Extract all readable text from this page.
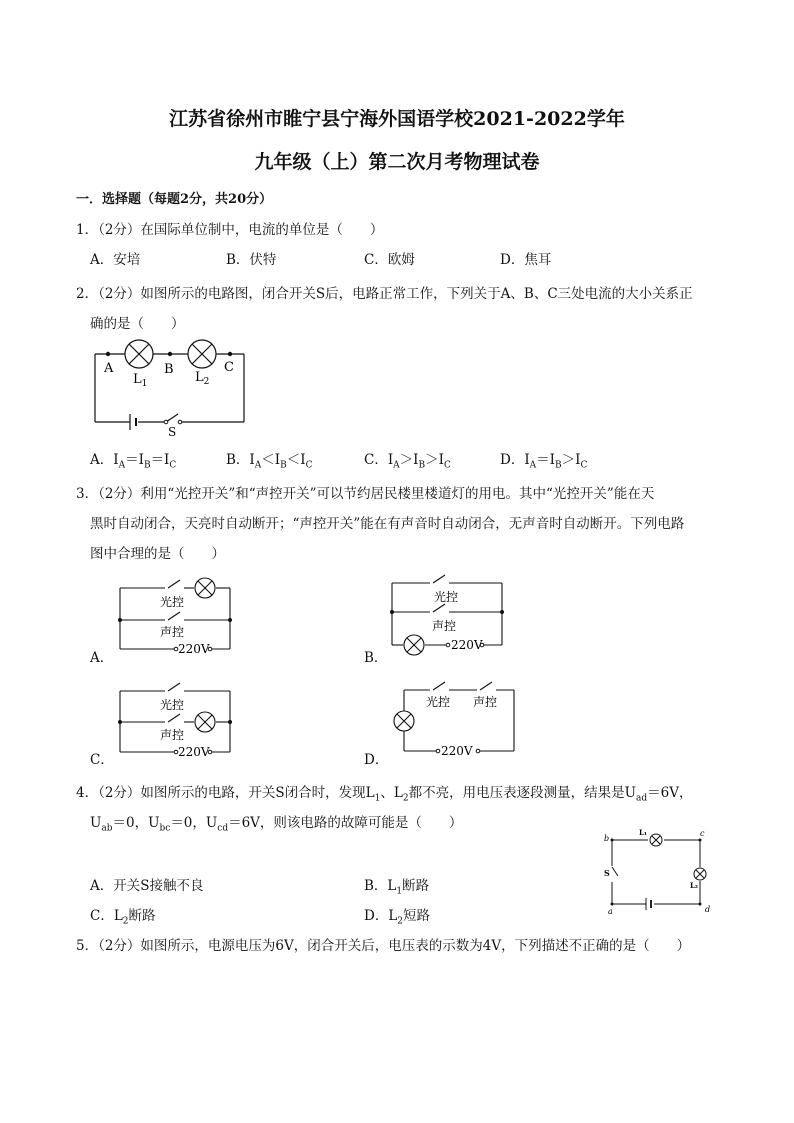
江苏省徐州市睢宁县宁海外国语学校2021-2022学年
九年级（上）第二次月考物理试卷
一．选择题（每题2分，共20分）
1．（2分）在国际单位制中，电流的单位是（　　）
A．安培	B．伏特	C．欧姆	D．焦耳
2．（2分）如图所示的电路图，闭合开关S后，电路正常工作，下列关于A、B、C三处电流的大小关系正
确的是（　　）
A	B	C
$L_1$	$L_2$
S
A．$I_A=I_B=I_C$	B．$I_A<I_B<I_C$	C．$I_A>I_B>I_C$	D．$I_A=I_B>I_C$
3．（2分）利用“光控开关”和“声控开关”可以节约居民楼里楼道灯的用电。其中“光控开关”能在天
黑时自动闭合，天亮时自动断开；“声控开关”能在有声音时自动闭合，无声音时自动断开。下列电路
图中合理的是（　　）
光控
声控
220V
光控
声控
220V
光控
声控
220V
光控 声控
220V
b
c
a	d
S
L₁
L₂
A．	B．
C．	D．
4．（2分）如图所示的电路，开关S闭合时，发现$L_1$、$L_2$都不亮，用电压表逐段测量，结果是$U_{ad}=6V$，
$U_{ab}=0$，$U_{bc}=0$，$U_{cd}=6V$，则该电路的故障可能是（　　）
A．开关S接触不良	B．$L_1$断路
C．$L_2$断路	D．$L_2$短路
5．（2分）如图所示，电源电压为6V，闭合开关后，电压表的示数为4V，下列描述不正确的是（　　）
